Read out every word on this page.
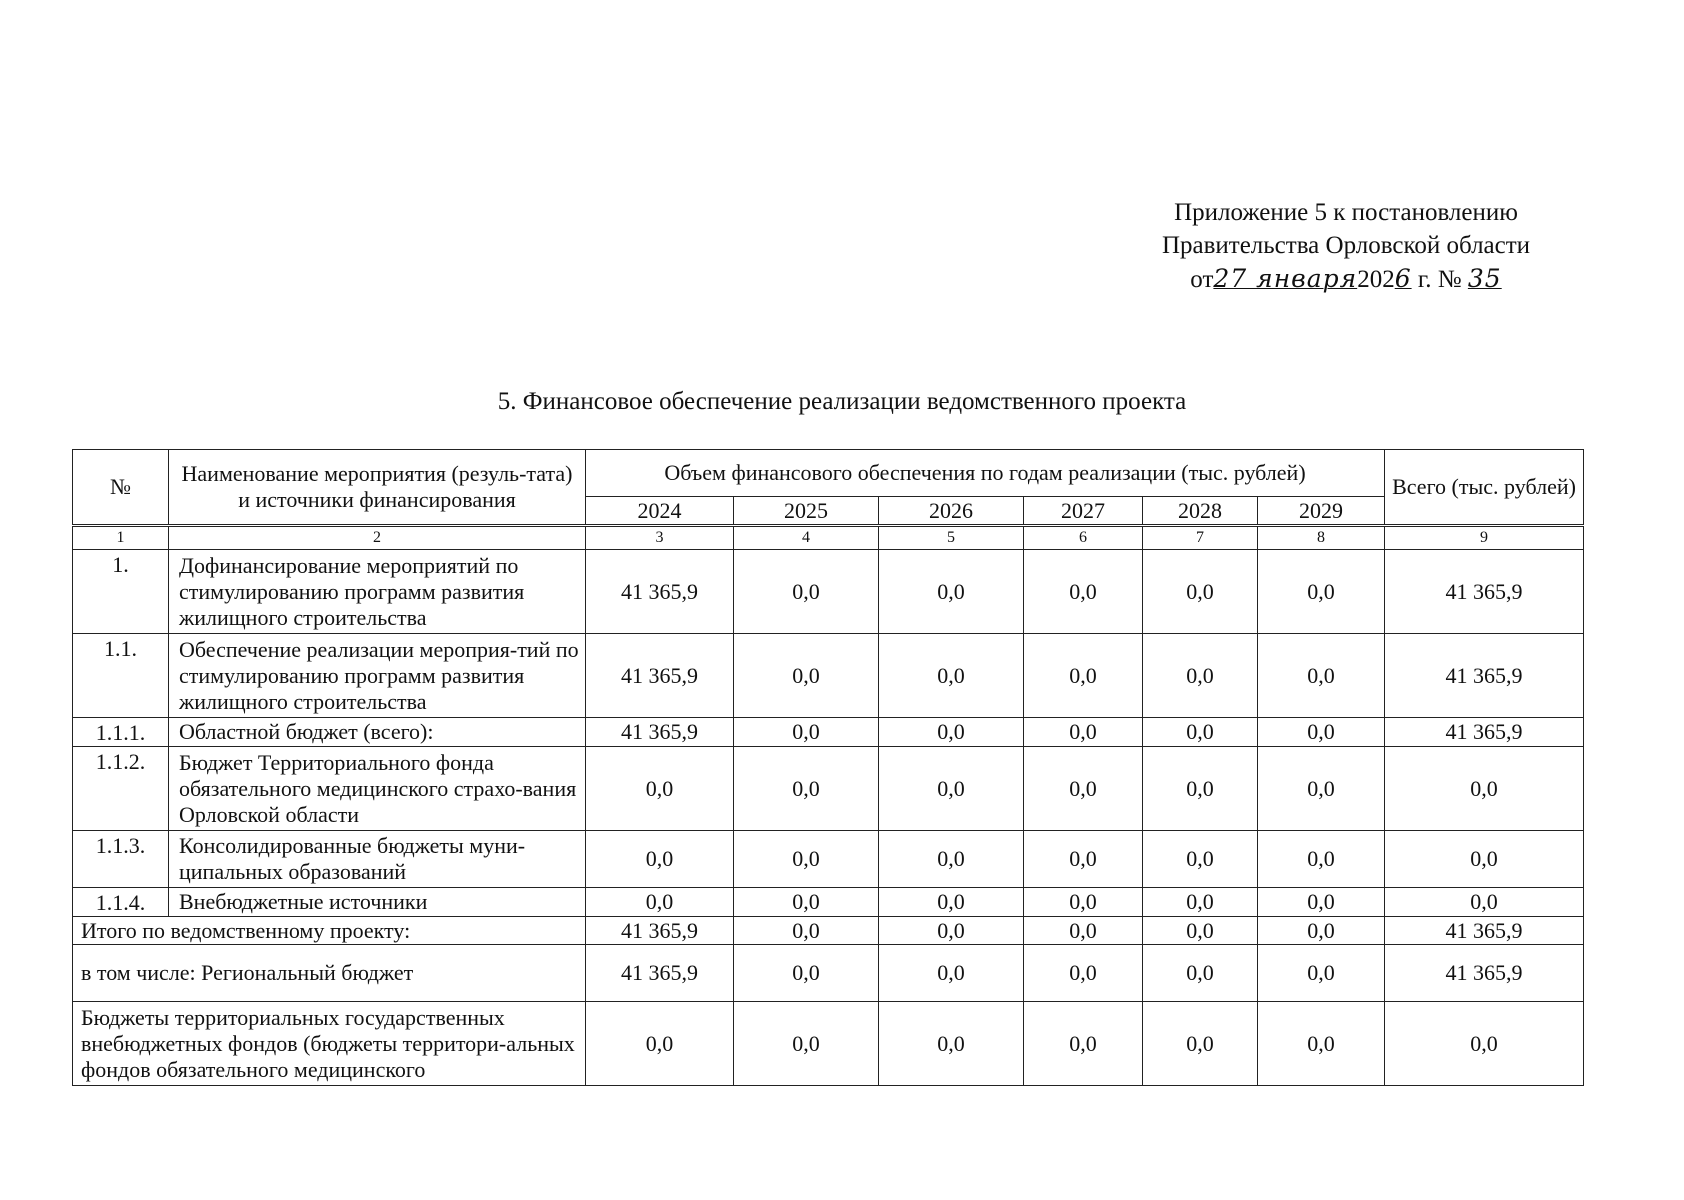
Приложение 5 к постановлению
Правительства Орловской области
от27 января2026 г. № 35
5. Финансовое обеспечение реализации ведомственного проекта
№	Наименование мероприятия (резуль-тата) и источники финансирования	Объем финансового обеспечения по годам реализации (тыс. рублей)						Всего (тыс. рублей)
		2024	2025	2026	2027	2028	2029	
1	2	3	4	5	6	7	8	9
1.	Дофинансирование мероприятий по стимулированию программ развития жилищного строительства	41 365,9	0,0	0,0	0,0	0,0	0,0	41 365,9
1.1.	Обеспечение реализации мероприя-тий по стимулированию программ развития жилищного строительства	41 365,9	0,0	0,0	0,0	0,0	0,0	41 365,9
1.1.1.	Областной бюджет (всего):	41 365,9	0,0	0,0	0,0	0,0	0,0	41 365,9
1.1.2.	Бюджет Территориального фонда обязательного медицинского страхо-вания Орловской области	0,0	0,0	0,0	0,0	0,0	0,0	0,0
1.1.3.	Консолидированные бюджеты муни-ципальных образований	0,0	0,0	0,0	0,0	0,0	0,0	0,0
1.1.4.	Внебюджетные источники	0,0	0,0	0,0	0,0	0,0	0,0	0,0
Итого по ведомственному проекту:		41 365,9	0,0	0,0	0,0	0,0	0,0	41 365,9
в том числе: Региональный бюджет		41 365,9	0,0	0,0	0,0	0,0	0,0	41 365,9
Бюджеты территориальных государственных внебюджетных фондов (бюджеты территори-альных фондов обязательного медицинского		0,0	0,0	0,0	0,0	0,0	0,0	0,0
